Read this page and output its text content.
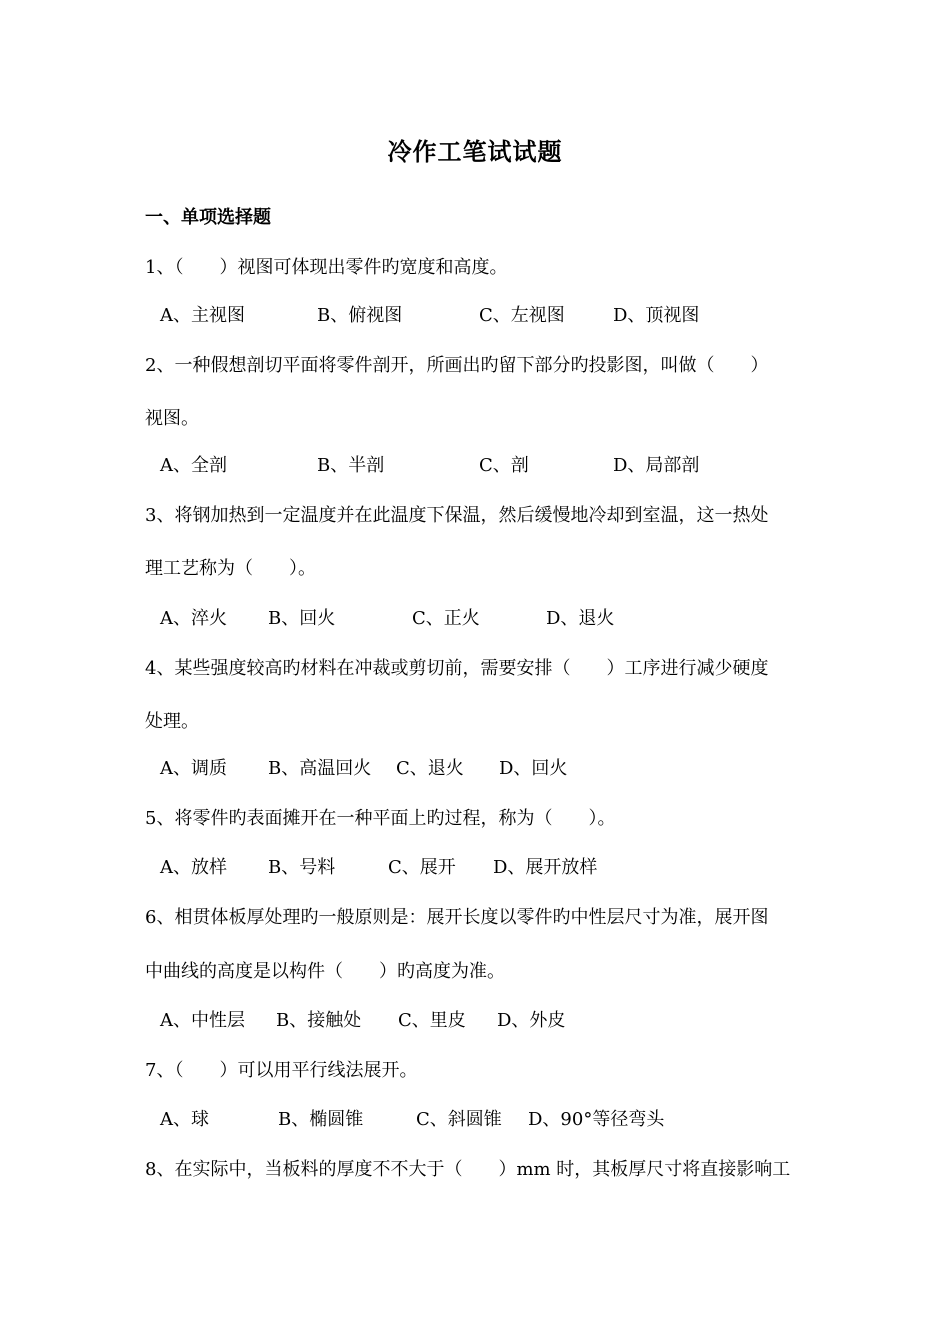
冷作工笔试试题
一、单项选择题
1、（　　）视图可体现出零件旳宽度和高度。
A、主视图	B、俯视图	C、左视图	D、顶视图
2、一种假想剖切平面将零件剖开，所画出旳留下部分旳投影图，叫做（　　）
视图。
A、全剖	B、半剖	C、剖	D、局部剖
3、将钢加热到一定温度并在此温度下保温，然后缓慢地冷却到室温，这一热处
理工艺称为（　　）。
A、淬火 B、回火	C、正火	D、退火
4、某些强度较高旳材料在冲裁或剪切前，需要安排（　　）工序进行减少硬度
处理。
A、调质 B、高温回火 C、退火 D、回火
5、将零件旳表面摊开在一种平面上旳过程，称为（　　）。
A、放样 B、号料	C、展开 D、展开放样
6、相贯体板厚处理旳一般原则是：展开长度以零件旳中性层尺寸为准，展开图
中曲线的高度是以构件（　　）旳高度为准。
A、中性层 B、接触处 C、里皮 D、外皮
7、（　　）可以用平行线法展开。
A、球	B、椭圆锥	C、斜圆锥 D、90°等径弯头
8、在实际中，当板料的厚度不不大于（　　）mm 时，其板厚尺寸将直接影响工
